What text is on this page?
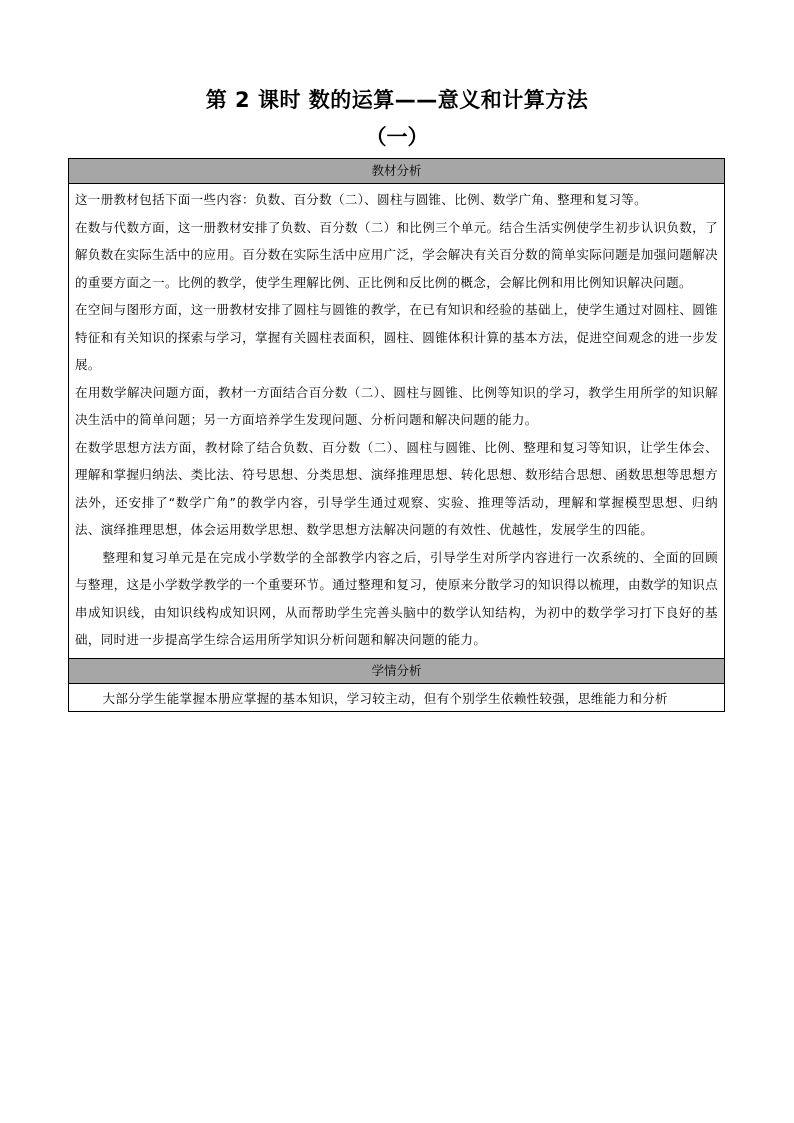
第 2 课时 数的运算——意义和计算方法
（一）
教材分析

这一册教材包括下面一些内容：负数、百分数（二）、圆柱与圆锥、比例、数学广角、整理和复习等。

在数与代数方面，这一册教材安排了负数、百分数（二）和比例三个单元。结合生活实例使学生初步认识负数，了解负数在实际生活中的应用。百分数在实际生活中应用广泛，学会解决有关百分数的简单实际问题是加强问题解决的重要方面之一。比例的教学，使学生理解比例、正比例和反比例的概念，会解比例和用比例知识解决问题。

在空间与图形方面，这一册教材安排了圆柱与圆锥的教学，在已有知识和经验的基础上，使学生通过对圆柱、圆锥特征和有关知识的探索与学习，掌握有关圆柱表面积，圆柱、圆锥体积计算的基本方法，促进空间观念的进一步发展。

在用数学解决问题方面，教材一方面结合百分数（二）、圆柱与圆锥、比例等知识的学习，教学生用所学的知识解决生活中的简单问题；另一方面培养学生发现问题、分析问题和解决问题的能力。

在数学思想方法方面，教材除了结合负数、百分数（二）、圆柱与圆锥、比例、整理和复习等知识，让学生体会、理解和掌握归纳法、类比法、符号思想、分类思想、演绎推理思想、转化思想、数形结合思想、函数思想等思想方法外，还安排了“数学广角”的教学内容，引导学生通过观察、实验、推理等活动，理解和掌握模型思想、归纳法、演绎推理思想，体会运用数学思想、数学思想方法解决问题的有效性、优越性，发展学生的四能。

整理和复习单元是在完成小学数学的全部教学内容之后，引导学生对所学内容进行一次系统的、全面的回顾与整理，这是小学数学教学的一个重要环节。通过整理和复习，使原来分散学习的知识得以梳理，由数学的知识点串成知识线，由知识线构成知识网，从而帮助学生完善头脑中的数学认知结构，为初中的数学学习打下良好的基础，同时进一步提高学生综合运用所学知识分析问题和解决问题的能力。

学情分析

大部分学生能掌握本册应掌握的基本知识，学习较主动，但有个别学生依赖性较强，思维能力和分析
